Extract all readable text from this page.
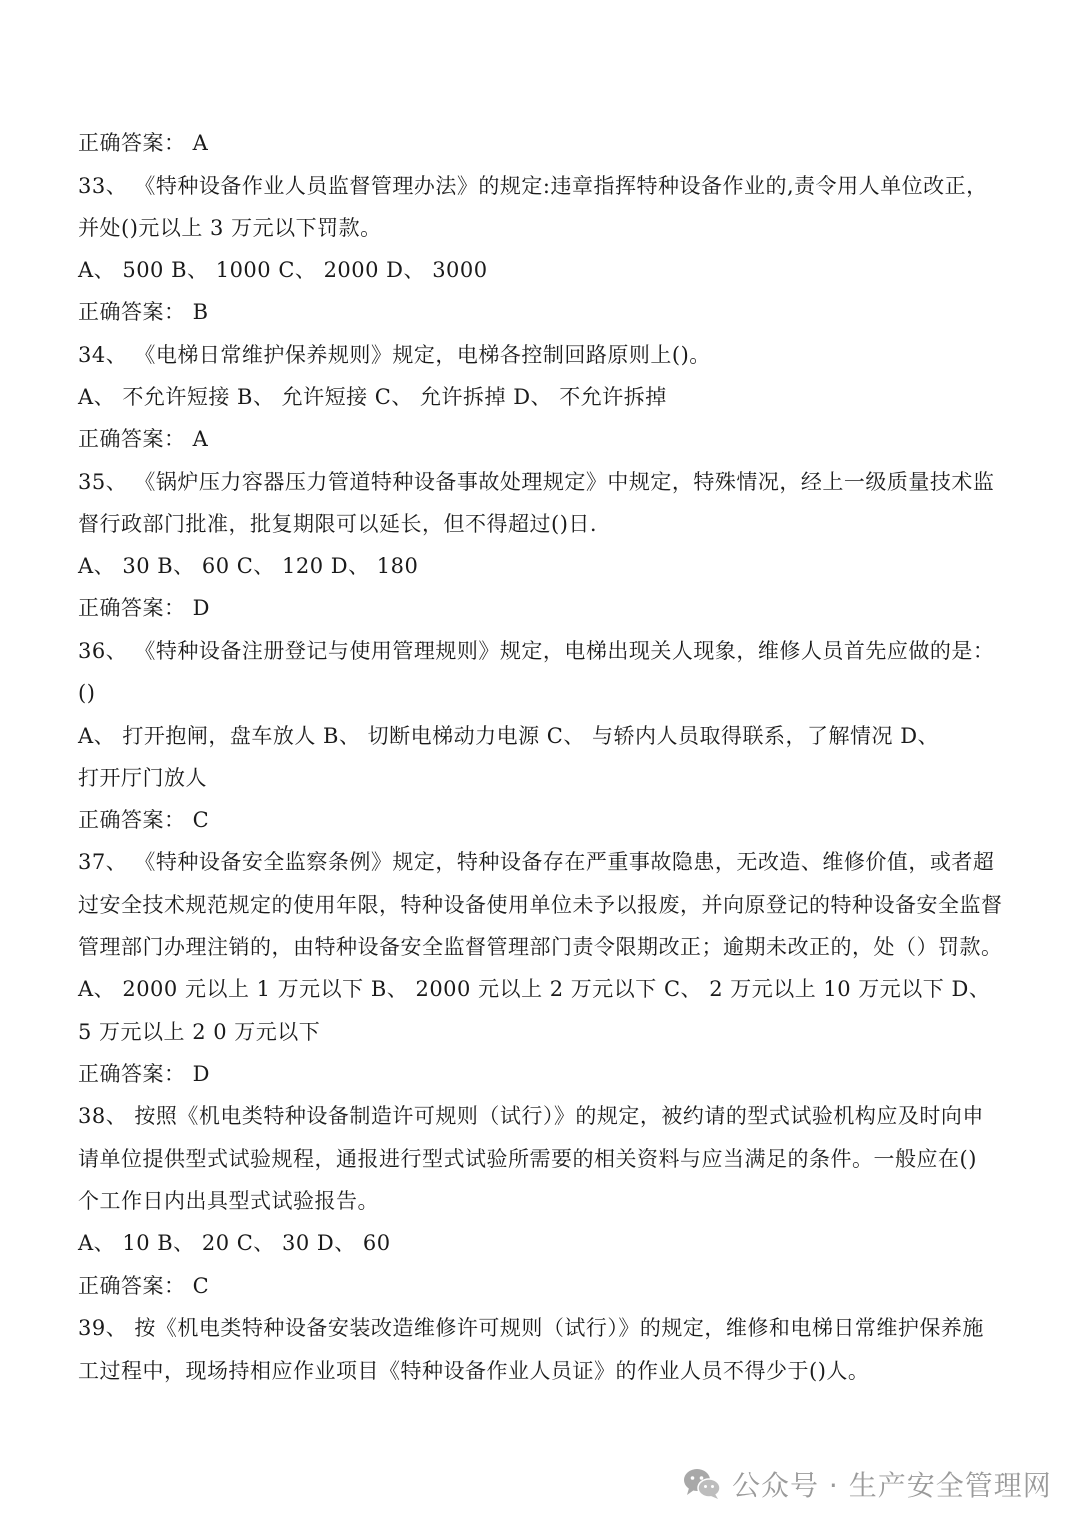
正确答案： A
33、 《特种设备作业人员监督管理办法》的规定:违章指挥特种设备作业的,责令用人单位改正，
并处()元以上 3 万元以下罚款。
A、 500 B、 1000 C、 2000 D、 3000
正确答案： B
34、 《电梯日常维护保养规则》规定，电梯各控制回路原则上()。
A、 不允许短接 B、 允许短接 C、 允许拆掉 D、 不允许拆掉
正确答案： A
35、 《锅炉压力容器压力管道特种设备事故处理规定》中规定，特殊情况，经上一级质量技术监
督行政部门批准，批复期限可以延长，但不得超过()日.
A、 30 B、 60 C、 120 D、 180
正确答案： D
36、 《特种设备注册登记与使用管理规则》规定，电梯出现关人现象，维修人员首先应做的是：
()
A、 打开抱闸，盘车放人 B、 切断电梯动力电源 C、 与轿内人员取得联系，了解情况 D、
打开厅门放人
正确答案： C
37、 《特种设备安全监察条例》规定，特种设备存在严重事故隐患，无改造、维修价值，或者超
过安全技术规范规定的使用年限，特种设备使用单位未予以报废，并向原登记的特种设备安全监督
管理部门办理注销的，由特种设备安全监督管理部门责令限期改正；逾期未改正的，处（）罚款。
A、 2000 元以上 1 万元以下 B、 2000 元以上 2 万元以下 C、 2 万元以上 10 万元以下 D、
5 万元以上 2 0 万元以下
正确答案： D
38、 按照《机电类特种设备制造许可规则（试行）》的规定，被约请的型式试验机构应及时向申
请单位提供型式试验规程，通报进行型式试验所需要的相关资料与应当满足的条件。一般应在()
个工作日内出具型式试验报告。
A、 10 B、 20 C、 30 D、 60
正确答案： C
39、 按《机电类特种设备安装改造维修许可规则（试行）》的规定，维修和电梯日常维护保养施
工过程中，现场持相应作业项目《特种设备作业人员证》的作业人员不得少于()人。
公众号 · 生产安全管理网
